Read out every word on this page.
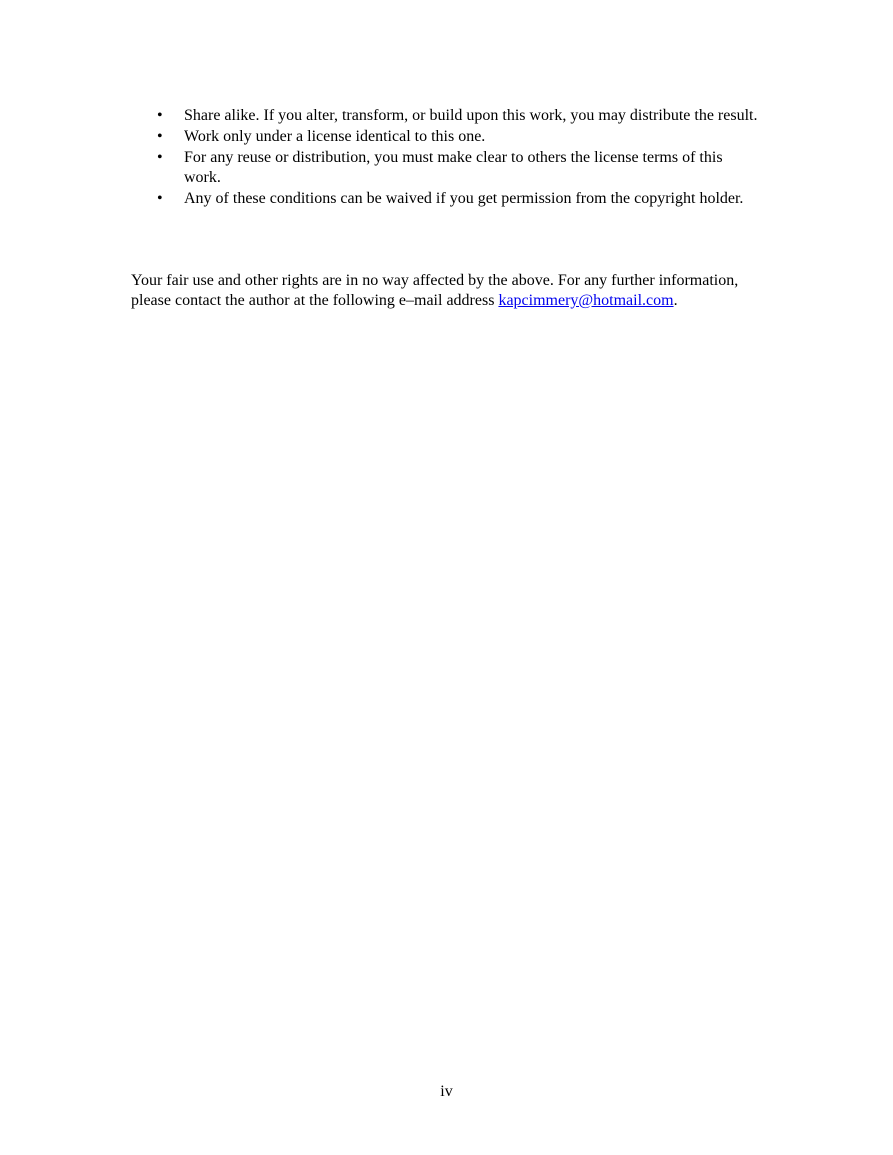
• Share alike. If you alter, transform, or build upon this work, you may distribute the result.
• Work only under a license identical to this one.
• For any reuse or distribution, you must make clear to others the license terms of this work.
• Any of these conditions can be waived if you get permission from the copyright holder.

Your fair use and other rights are in no way affected by the above. For any further information, please contact the author at the following e–mail address kapcimmery@hotmail.com.

iv
